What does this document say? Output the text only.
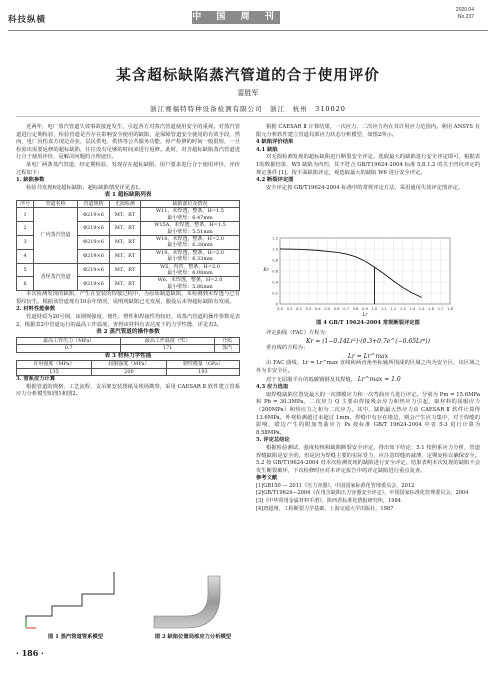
科技纵横	中 国 周 刊
2020.04
No.237
某含超标缺陷蒸汽管道的合于使用评价
雷胜军
浙江赛福特特种设备检测有限公司　浙江　杭州　310020
近两年，电厂蒸汽管道失效事故接连发生，引起各方对蒸汽管道使用安全的重视。对蒸汽管道进行定期检验，检验管道是否存在影响安全使用的缺陷，是保障管道安全使用的有效手段，然而，电厂因伤食方现边企业，层民供电、供热等公共服务功能，停产检修的时间一般很短，一旦检验出需要返修的超标缺陷，往往没有足够的时间来进行返修。此时，对含超标缺陷蒸汽管道进行合于使用评价，是解决问题的合理途径。
某电厂两条蒸汽管道，经定期检验，发现存在超标缺陷，用户要求进行合于使用评价，评价过程如下：
1. 缺陷参数
检验共发现6处超标缺陷，超标缺陷情况详见表1。
表 1 超标缺陷列表
序号	管道名称	管道规格	无损检测	缺陷部位及情况
1	广内蒸汽管道	Φ219×6	MT、RT	W11、未焊透，整条，H=1.5
最小壁厚：6.47mm

2		Φ219×6	MT、RT	W15A、未焊透，整条，H=1.5
最小壁厚：5.51mm

3		Φ219×6	MT、RT	W18、未焊透，整条，H=2.0
最小壁厚：6.28mm

4		Φ219×6	MT、RT	W19、未焊透，整条，H=2.0
最小壁厚：6.33mm

5	香怪蒸汽管道	Φ219×6	MT、RT	W5、内凹，整条，H=2.0
最小壁厚：6.08mm

6		Φ219×6	MT、RT	W6、未焊透，整条，H=2.0
最小壁厚：5.86mm
本次检测发现的缺陷，产生在安装的焊接过程中，为原始制造缺陷，未检测到未焊透与已有裂纹衍生。根据该管道现有10余年情况，说明现缺陷已无发展，服役后未得超标缺陷有发展。
2. 材料性能参数
管道材质为20号钢，该钢规强度、韧性、塑性和焊接性均较好。该蒸汽管道的操作参数见表2，根据表2中管道运行的最高工作温度，查得该材料有表达度下的力学性能，详见表3。
表 2 蒸汽管道的操作参数
最高工作压力（MPa）	最高工作温度（℃）	介质
0.7	171	蒸汽
表 3 材料力学性能
许用强度（MPa）	屈服强度（MPa）	韧性模量（GPa）
135	200	193
3. 管系应力计算
根据管道的规格、工艺流程、支吊架安装图纸及现场勘察，采用 CAESAR Ⅱ 软件建立管系应力分析模型如图1和图2。
图 1 蒸汽管道管系模型	图 2 缺陷位置局部应力分析模型
根据 CAESAR Ⅱ 计算结果，一次应力、二次应力均在其许用应力范围内。利用 ANSYS 有限元分析软件建立管道局部应力状态分析模型，如图2所示。
4 缺陷评价结果
4.1 缺陷
对无损检测发现的超标缺陷进行断裂安全评定。选取最大的缺陷进行安全评定即可，根据表1的数据结果，W5 缺陷为内凹，其不符合 GB/T19624-2004 标准 5.8.1.2 的关于凹坑评定的规定条件 [1]，按平面缺陷评定，观选取最大的缺陷 W6 进行安全评定。
4.2 断裂评定图
安全评定按 GB/T19624-2004 标准中的常规评定方法，采用通用失效评定图评定。
0.0 0.1 0.2 0.3 0.4 0.5 0.6 0.7 0.8 0.9 1.0 1.1 1.2 1.3 1.4 1.5 1.6 1.7 1.8
0
0.2
0.4
0.6
0.8
1.0
1.2
Lr
Kr
图 4 GB/T 19624-2004 常规断裂评定图
评定曲线（FAC）方程为：
Kr = (1−0.14Lr²)·(0.3+0.7e^(−0.65Lr⁶))
垂直线的方程为：
Lr = Lr^max
由 FAC 曲线、Lr = Lr^max 直线和两直角坐标轴所围成的区域之内为安全区，该区域之外为非安全区。
对于无屈服平台的低碳钢钢及其焊缝， Lr^max = 1.0
4.3 应力选取
取焊缝缺陷位置处最大的一次薄膜应力和一次弯曲应力进行评定。分别为 Pm = 15.6MPa 和 Pb = 30.3MPa，二次应力 Q 主要由焊接残余应力和热应力引起，取材料的屈服应力（200MPa）和热应力之和为二次应力。其中，缺陷最大热应力由 CAESAR Ⅱ 软件计算得 13.6MPa。外观检测超过未超过 1mm，焊缝中有存在错边，则会产生应力集中，对于焊缝的影响，错边产生的附加弯曲应力 Ps 按标准 GB/T 19624-2004 中表 5-3 进行计算为 8.58MPa。
5. 评定总结论
根据检验测试、强度校核和缺陷断裂安全评定，得出如下结论：5.1 按照系应力分析，管道焊缝缺陷是安全的，但是因为焊缝主要的实际受力，应注意焊缝的减薄，定期复检以确保安全。5.2 按 GB/T19624-2004 对本次检测发现的缺陷进行安全评定，结果表明本次发现的缺陷不会发生断裂破坏，下次检修时应对本评定报告中的评定缺陷进行重点复查。
参考文献
[1]GB150 — 2011《压力容器》。中国国家标准化管理委员会，2012
[2]GB/T19624—2004《在用含缺陷压力容器安全评定》。中国国家标准化管理委员会，2004
[3]《中华常用金属材料手册》，陕西省标准化情报研究所，1984
[4]唐超翔，工程断裂力学基础，上海交通大学出版社，1987
· 186 ·
